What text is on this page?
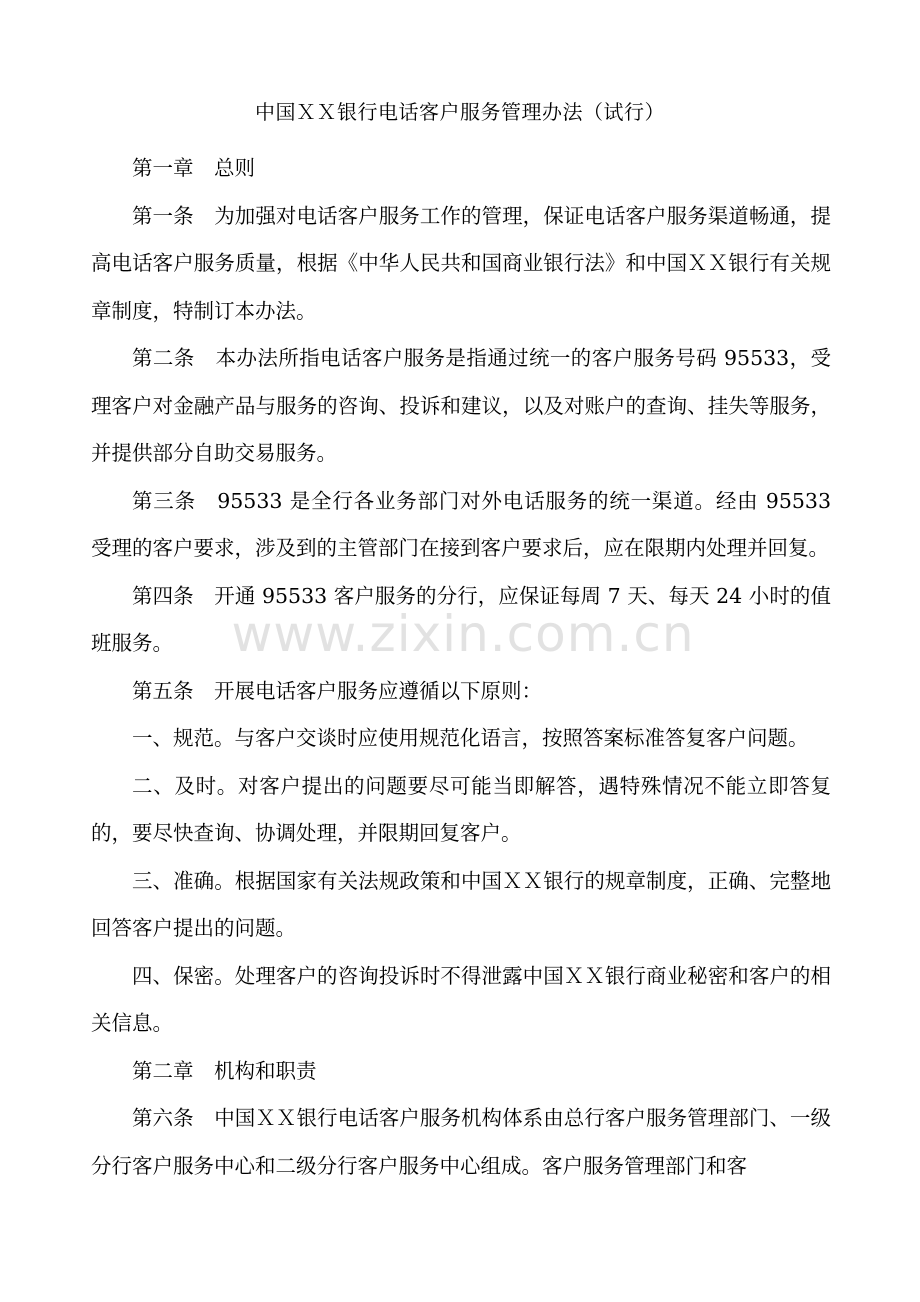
中国ＸＸ银行电话客户服务管理办法（试行）

第一章　总则

第一条　为加强对电话客户服务工作的管理，保证电话客户服务渠道畅通，提高电话客户服务质量，根据《中华人民共和国商业银行法》和中国ＸＸ银行有关规章制度，特制订本办法。

第二条　本办法所指电话客户服务是指通过统一的客户服务号码 95533，受理客户对金融产品与服务的咨询、投诉和建议，以及对账户的查询、挂失等服务，并提供部分自助交易服务。

第三条　95533 是全行各业务部门对外电话服务的统一渠道。经由 95533 受理的客户要求，涉及到的主管部门在接到客户要求后，应在限期内处理并回复。

第四条　开通 95533 客户服务的分行，应保证每周 7 天、每天 24 小时的值班服务。

第五条　开展电话客户服务应遵循以下原则：

一、规范。与客户交谈时应使用规范化语言，按照答案标准答复客户问题。

二、及时。对客户提出的问题要尽可能当即解答，遇特殊情况不能立即答复的，要尽快查询、协调处理，并限期回复客户。

三、准确。根据国家有关法规政策和中国ＸＸ银行的规章制度，正确、完整地回答客户提出的问题。

四、保密。处理客户的咨询投诉时不得泄露中国ＸＸ银行商业秘密和客户的相关信息。

第二章　机构和职责

第六条　中国ＸＸ银行电话客户服务机构体系由总行客户服务管理部门、一级分行客户服务中心和二级分行客户服务中心组成。客户服务管理部门和客

www.zixin.com.cn
